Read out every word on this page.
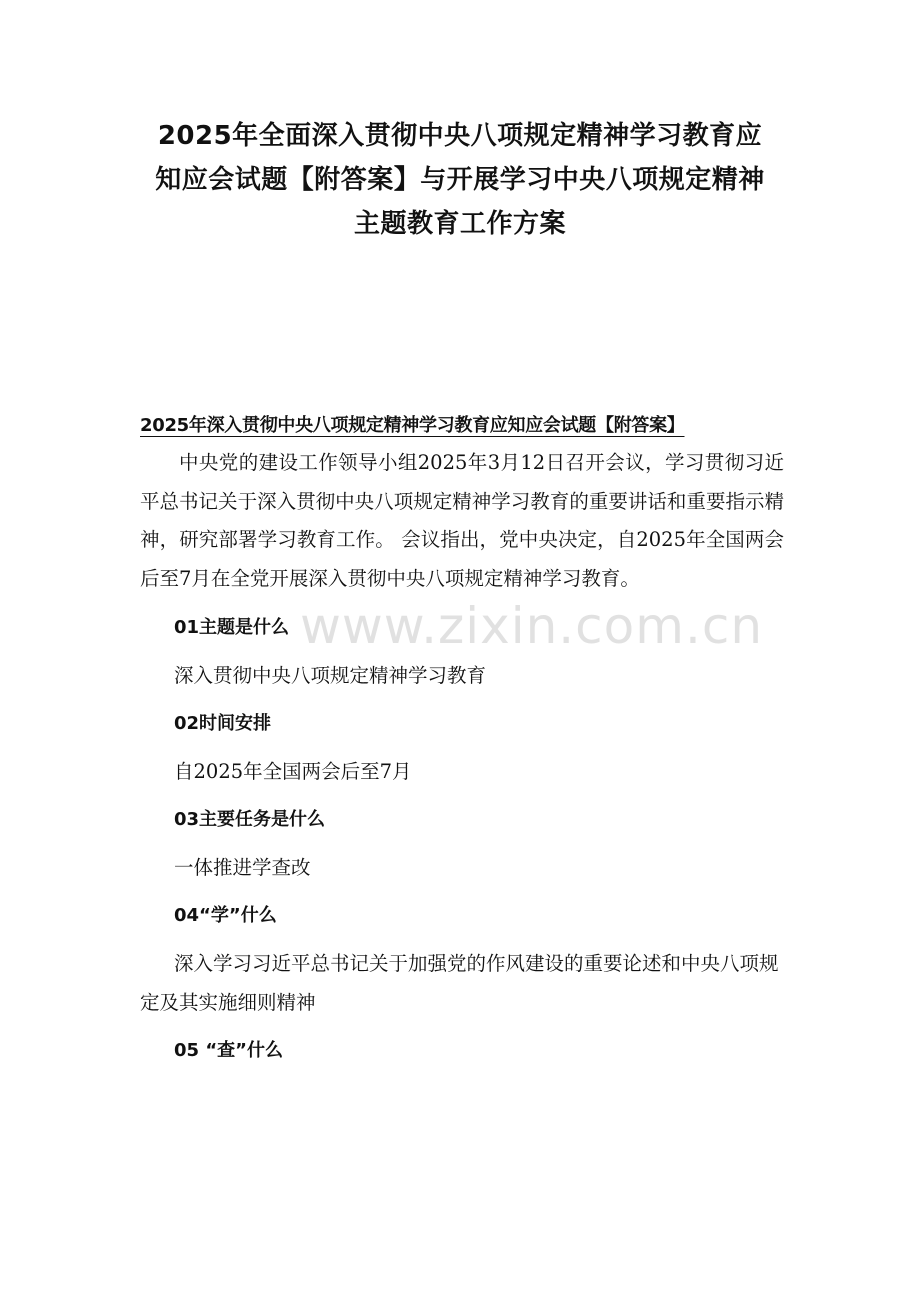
2025年全面深入贯彻中央八项规定精神学习教育应
知应会试题【附答案】与开展学习中央八项规定精神
主题教育工作方案

2025年深入贯彻中央八项规定精神学习教育应知应会试题【附答案】

中央党的建设工作领导小组2025年3月12日召开会议，学习贯彻习近平总书记关于深入贯彻中央八项规定精神学习教育的重要讲话和重要指示精神，研究部署学习教育工作。 会议指出，党中央决定，自2025年全国两会后至7月在全党开展深入贯彻中央八项规定精神学习教育。

01主题是什么

深入贯彻中央八项规定精神学习教育

02时间安排

自2025年全国两会后至7月

03主要任务是什么

一体推进学查改

04“学”什么

深入学习习近平总书记关于加强党的作风建设的重要论述和中央八项规定及其实施细则精神

05 “查”什么

www.zixin.com.cn
